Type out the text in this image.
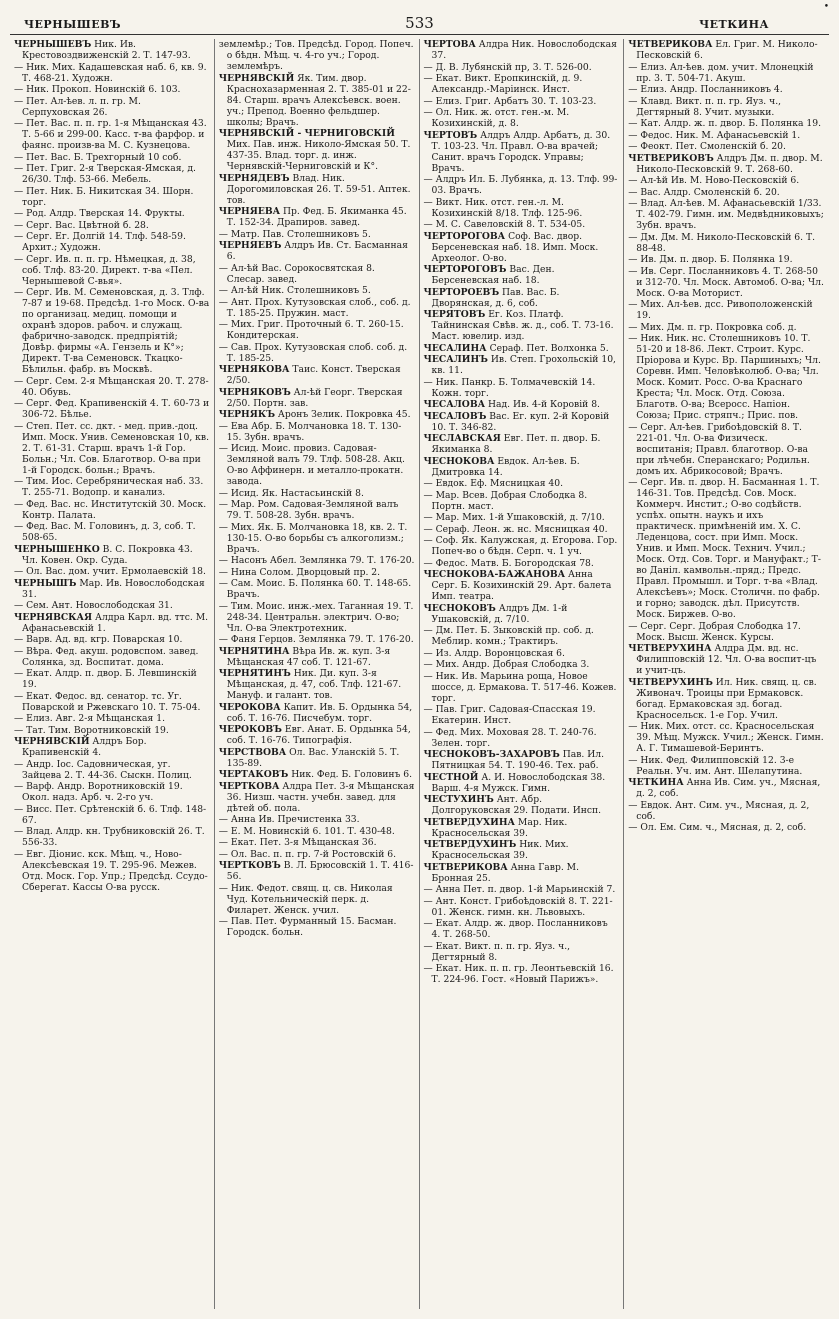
•
ЧЕРНЫШЕВЪ	533	ЧЕТКИНА
ЧЕРНЫШЕВЪ Ник. Ив. Крестовоздвиженскій 2. Т. 147-93.
— Ник. Мих. Кадашевская наб. 6, кв. 9. Т. 468-21. Художн.
— Ник. Прокоп. Новинскій 6. 103.
— Пет. Ал-ѣев. л. п. гр. М. Серпуховская 26.
— Пет. Вас. п. п. гр. 1-я Мѣщанская 43. Т. 5-66 и 299-00. Касс. т-ва фарфор. и фаянс. произв-ва М. С. Кузнецова.
— Пет. Вас. Б. Трехгорный 10 соб.
— Пет. Григ. 2-я Тверская-Ямская, д. 26/30. Тлф. 53-66. Мебель.
— Пет. Ник. Б. Никитская 34. Шорн. торг.
— Род. Алдр. Тверская 14. Фрукты.
— Серг. Вас. Цвѣтной б. 28.
— Серг. Ег. Долгій 14. Тлф. 548-59. Архит.; Художн.
— Серг. Ив. п. п. гр. Нѣмецкая, д. 38, соб. Тлф. 83-20. Директ. т-ва «Пел. Чернышевой С-вья».
— Серг. Ив. М. Семеновская, д. 3. Тлф. 7-87 и 19-68. Предсѣд. 1-го Моск. О-ва по организац. медиц. помощи и охранѣ здоров. рабоч. и служащ. фабрично-заводск. предпріятій; Довѣр. фирмы «А. Гензель и К°»; Директ. Т-ва Семеновск. Ткацко-Бѣлильн. фабр. въ Москвѣ.
— Серг. Сем. 2-я Мѣщанская 20. Т. 278-40. Обувь.
— Серг. Фед. Крапивенскій 4. Т. 60-73 и 306-72. Бѣлье.
— Степ. Пет. сс. дкт. - мед. прив.-доц. Имп. Моск. Унив. Семеновская 10, кв. 2. Т. 61-31. Старш. врачъ 1-й Гор. Больн.; Чл. Сов. Благотвор. О-ва при 1-й Городск. больн.; Врачъ.
— Тим. Иос. Серебряническая наб. 33. Т. 255-71. Водопр. и канализ.
— Фед. Вас. нс. Институтскій 30. Моск. Контр. Палата.
— Фед. Вас. М. Головинъ, д. 3, соб. Т. 508-65.
ЧЕРНЫШЕНКО В. С. Покровка 43. Чл. Ковен. Окр. Суда.
— Ол. Вас. дом. учит. Ермолаевскій 18.
ЧЕРНЫШЪ Мар. Ив. Новослободская 31.
— Сем. Ант. Новослободская 31.
ЧЕРНЯВСКАЯ Алдра Карл. вд. ттс. М. Афанасьевскій 1.
— Варв. Ад. вд. кгр. Поварская 10.
— Вѣра. Фед. акуш. родовспом. завед. Солянка, зд. Воспитат. дома.
— Екат. Алдр. п. двор. Б. Левшинскій 19.
— Екат. Федос. вд. сенатор. тс. Уг. Поварской и Ржевскаго 10. Т. 75-04.
— Елиз. Авг. 2-я Мѣщанская 1.
— Тат. Тим. Воротниковскій 19.
ЧЕРНЯВСКІЙ Алдръ Бор. Крапивенскій 4.
— Андр. Іос. Садовническая, уг. Зайцева 2. Т. 44-36. Сыскн. Полиц.
— Варф. Андр. Воротниковскій 19. Окол. надз. Арб. ч. 2-го уч.
— Висс. Пет. Срѣтенскій б. 6. Тлф. 148-67.
— Влад. Алдр. кн. Трубниковскій 26. Т. 556-33.
— Евг. Діонис. кск. Мѣщ. ч., Ново-Алексѣевская 19. Т. 295-96. Межев. Отд. Моск. Гор. Упр.; Предсѣд. Ссудо-Сберегат. Кассы О-ва русск.
землемѣр.; Тов. Предсѣд. Город. Попеч. о бѣдн. Мѣщ. ч. 4-го уч.; Город. землемѣръ.
ЧЕРНЯВСКІЙ Як. Тим. двор. Краснохазарменная 2. Т. 385-01 и 22-84. Старш. врачъ Алексѣевск. воен. уч.; Препод. Военно фельдшер. школы; Врачъ.
ЧЕРНЯВСКІЙ - ЧЕРНИГОВСКІЙ Мих. Пав. инж. Николо-Ямская 50. Т. 437-35. Влад. торг. д. инж. Чернявскій-Черниговскій и К°.
ЧЕРНЯДЕВЪ Влад. Ник. Дорогомиловская 26. Т. 59-51. Аптек. тов.
ЧЕРНЯЕВА Пр. Фед. Б. Якиманка 45. Т. 152-34. Драпиров. завед.
— Матр. Пав. Столешниковъ 5.
ЧЕРНЯЕВЪ Алдръ Ив. Ст. Басманная 6.
— Ал-ѣй Вас. Сорокосвятская 8. Слесар. завед.
— Ал-ѣй Ник. Столешниковъ 5.
— Ант. Прох. Кутузовская слоб., соб. д. Т. 185-25. Пружин. маст.
— Мих. Григ. Проточный 6. Т. 260-15. Кондитерская.
— Сав. Прох. Кутузовская слоб. соб. д. Т. 185-25.
ЧЕРНЯКОВА Таис. Конст. Тверская 2/50.
ЧЕРНЯКОВЪ Ал-ѣй Георг. Тверская 2/50. Портн. зав.
ЧЕРНЯКЪ Аронъ Зелик. Покровка 45.
— Ева Абр. Б. Молчановка 18. Т. 130-15. Зубн. врачъ.
— Исид. Моис. провиз. Садовая-Земляной валъ 79. Тлф. 508-28. Акц. О-во Аффинерн. и металло-прокатн. завода.
— Исид. Як. Настасьинскій 8.
— Мар. Ром. Садовая-Земляной валъ 79. Т. 508-28. Зубн. врачъ.
— Мих. Як. Б. Молчановка 18, кв. 2. Т. 130-15. О-во борьбы съ алкоголизм.; Врачъ.
— Насонъ Абел. Землянка 79. Т. 176-20.
— Нина Солом. Дворцовый пр. 2.
— Сам. Моис. Б. Полянка 60. Т. 148-65. Врачъ.
— Тим. Моис. инж.-мех. Таганная 19. Т. 248-34. Центральн. электрич. О-во; Чл. О-ва Электротехник.
— Фаня Герцов. Землянка 79. Т. 176-20.
ЧЕРНЯТИНА Вѣра Ив. ж. куп. 3-я Мѣщанская 47 соб. Т. 121-67.
ЧЕРНЯТИНЪ Ник. Ди. куп. 3-я Мѣщанская, д. 47, соб. Тлф. 121-67. Мануф. и галант. тов.
ЧЕРОКОВА Капит. Ив. Б. Ордынка 54, соб. Т. 16-76. Писчебум. торг.
ЧЕРОКОВЪ Евг. Анат. Б. Ордынка 54, соб. Т. 16-76. Типографія.
ЧЕРСТВОВА Ол. Вас. Уланскій 5. Т. 135-89.
ЧЕРТАКОВЪ Ник. Фед. Б. Головинъ 6.
ЧЕРТКОВА Алдра Пет. 3-я Мѣщанская 36. Низш. частн. учебн. завед. для дѣтей об. пола.
— Анна Ив. Пречистенка 33.
— Е. М. Новинскій 6. 101. Т. 430-48.
— Екат. Пет. 3-я Мѣщанская 36.
— Ол. Вас. п. п. гр. 7-й Ростовскій 6.
ЧЕРТКОВЪ В. Л. Брюсовскій 1. Т. 416-56.
— Ник. Федот. свящ. ц. св. Николая Чуд. Котельническій перк. д. Филарет. Женск. учил.
— Пав. Пет. Фурманный 15. Басман. Городск. больн.
ЧЕРТОВА Алдра Ник. Новослободская 37.
— Д. В. Лубянскій пр, 3. Т. 526-00.
— Екат. Викт. Еропкинскій, д. 9. Александр.-Маріинск. Инст.
— Елиз. Григ. Арбатъ 30. Т. 103-23.
— Ол. Ник. ж. отст. ген.-м. М. Козихинскій, д. 8.
ЧЕРТОВЪ Алдръ Алдр. Арбатъ, д. 30. Т. 103-23. Чл. Правл. О-ва врачей; Санит. врачъ Городск. Управы; Врачъ.
— Алдръ Ил. Б. Лубянка, д. 13. Тлф. 99-03. Врачъ.
— Викт. Ник. отст. ген.-л. М. Козихинскій 8/18. Тлф. 125-96.
— М. С. Савеловскій 8. Т. 534-05.
ЧЕРТОРОГОВА Соф. Вас. двор. Берсеневская наб. 18. Имп. Моск. Археолог. О-во.
ЧЕРТОРОГОВЪ Вас. Ден. Берсеневская наб. 18.
ЧЕРТОРОЕВЪ Пав. Вас. Б. Дворянская, д. 6, соб.
ЧЕРЯТОВЪ Ег. Коз. Платф. Тайнинская Свѣв. ж. д., соб. Т. 73-16. Маст. ювелир. изд.
ЧЕСАЛИНА Сераф. Пет. Волхонка 5.
ЧЕСАЛИНЪ Ив. Степ. Грохольскій 10, кв. 11.
— Ник. Панкр. Б. Толмачевскій 14. Кожн. торг.
ЧЕСАЛОВА Над. Ив. 4-й Коровій 8.
ЧЕСАЛОВЪ Вас. Ег. куп. 2-й Коровій 10. Т. 346-82.
ЧЕСЛАВСКАЯ Евг. Пет. п. двор. Б. Якиманка 8.
ЧЕСНОКОВА Евдок. Ал-ѣев. Б. Дмитровка 14.
— Евдок. Еф. Мясницкая 40.
— Мар. Всев. Добрая Слободка 8. Портн. маст.
— Мар. Мих. 1-й Ушаковскій, д. 7/10.
— Сераф. Леон. ж. нс. Мясницкая 40.
— Соф. Як. Калужская, д. Егорова. Гор. Попеч-во о бѣдн. Серп. ч. 1 уч.
— Федос. Матв. Б. Богородская 78.
ЧЕСНОКОВА-БАЖАНОВА Анна Серг. Б. Козихинскій 29. Арт. балета Имп. театра.
ЧЕСНОКОВЪ Алдръ Дм. 1-й Ушаковскій, д. 7/10.
— Дм. Пет. Б. Зыковскій пр. соб. д. Меблир. комн.; Трактиръ.
— Из. Алдр. Воронцовская 6.
— Мих. Андр. Добрая Слободка 3.
— Ник. Ив. Марьина роща, Новое шоссе, д. Ермакова. Т. 517-46. Кожев. торг.
— Пав. Григ. Садовая-Спасская 19. Екатерин. Инст.
— Фед. Мих. Моховая 28. Т. 240-76. Зелен. торг.
ЧЕСНОКОВЪ-ЗАХАРОВЪ Пав. Ил. Пятницкая 54. Т. 190-46. Тех. раб.
ЧЕСТНОЙ А. И. Новослободская 38. Варш. 4-я Мужск. Гимн.
ЧЕСТУХИНЪ Ант. Абр. Долгоруковская 29. Подати. Инсп.
ЧЕТВЕРДУХИНА Мар. Ник. Красносельская 39.
ЧЕТВЕРДУХИНЪ Ник. Мих. Красносельская 39.
ЧЕТВЕРИКОВА Анна Гавр. М. Бронная 25.
— Анна Пет. п. двор. 1-й Марьинскій 7.
— Ант. Конст. Грибоѣдовскій 8. Т. 221-01. Женск. гимн. кн. Львовыхъ.
— Екат. Алдр. ж. двор. Посланниковъ 4. Т. 268-50.
— Екат. Викт. п. п. гр. Яуз. ч., Дегтярный 8.
— Екат. Ник. п. п. гр. Леонтьевскій 16. Т. 224-96. Гост. «Новый Парижъ».
ЧЕТВЕРИКОВА Ел. Григ. М. Николо-Песковскій 6.
— Елиз. Ал-ѣев. дом. учит. Млонецкій пр. 3. Т. 504-71. Акуш.
— Елиз. Андр. Посланниковъ 4.
— Клавд. Викт. п. п. гр. Яуз. ч., Дегтярный 8. Учит. музыки.
— Кат. Алдр. ж. п. двор. Б. Полянка 19.
— Федос. Ник. М. Афанасьевскій 1.
— Феокт. Пет. Смоленскій б. 20.
ЧЕТВЕРИКОВЪ Алдръ Дм. п. двор. М. Николо-Песковскій 9. Т. 268-60.
— Ал-ѣй Ив. М. Ново-Песковскій 6.
— Вас. Алдр. Смоленскій б. 20.
— Влад. Ал-ѣев. М. Афанасьевскій 1/33. Т. 402-79. Гимн. им. Медвѣдниковыхъ; Зубн. врачъ.
— Дм. Дм. М. Николо-Песковскій 6. Т. 88-48.
— Ив. Дм. п. двор. Б. Полянка 19.
— Ив. Серг. Посланниковъ 4. Т. 268-50 и 312-70. Чл. Моск. Автомоб. О-ва; Чл. Моск. О-ва Моторист.
— Мих. Ал-ѣев. дсс. Ривоположенскій 19.
— Мих. Дм. п. гр. Покровка соб. д.
— Ник. Ник. нс. Столешниковъ 10. Т. 51-20 и 18-86. Лект. Строит. Курс. Пріорова и Курс. Вр. Паршиныхъ; Чл. Соревн. Имп. Человѣколюб. О-ва; Чл. Моск. Комит. Росс. О-ва Краснаго Креста; Чл. Моск. Отд. Союза. Благотв. О-ва; Всеросс. Напіон. Союза; Прис. стряпч.; Прис. пов.
— Серг. Ал-ѣев. Грибоѣдовскій 8. Т. 221-01. Чл. О-ва Физическ. воспитанія; Правл. благотвор. О-ва при лѣчебн. Сперанскаго; Родильн. домъ их. Абрикосовой; Врачъ.
— Серг. Ив. п. двор. Н. Басманная 1. Т. 146-31. Тов. Предсѣд. Сов. Моск. Коммерч. Инстит.; О-во содѣйств. успѣх. опытн. наукъ и ихъ практическ. примѣненій им. Х. С. Леденцова, сост. при Имп. Моск. Унив. и Имп. Моск. Технич. Учил.; Моск. Отд. Сов. Торг. и Мануфакт.; Т-во Даніл. камвольн.-пряд.; Предс. Правл. Промышл. и Торг. т-ва «Влад. Алексѣевъ»; Моск. Столичн. по фабр. и горно; заводск. дѣл. Присутств. Моск. Биржев. О-во.
— Серг. Серг. Добрая Слободка 17. Моск. Высш. Женск. Курсы.
ЧЕТВЕРУХИНА Алдра Дм. вд. нс. Филипповскій 12. Чл. О-ва воспит-цъ и учит-цъ.
ЧЕТВЕРУХИНЪ Ил. Ник. свящ. ц. св. Живонач. Троицы при Ермаковск. богад. Ермаковская зд. богад. Красносельск. 1-е Гор. Учил.
— Ник. Мих. отст. сс. Красносельская 39. Мѣщ. Мужск. Учил.; Женск. Гимн. А. Г. Тимашевой-Беринтъ.
— Ник. Фед. Филипповскій 12. 3-е Реальн. Уч. им. Ант. Шелапутина.
ЧЕТКИНА Анна Ив. Сим. уч., Мясная, д. 2, соб.
— Евдок. Ант. Сим. уч., Мясная, д. 2, соб.
— Ол. Ем. Сим. ч., Мясная, д. 2, соб.
